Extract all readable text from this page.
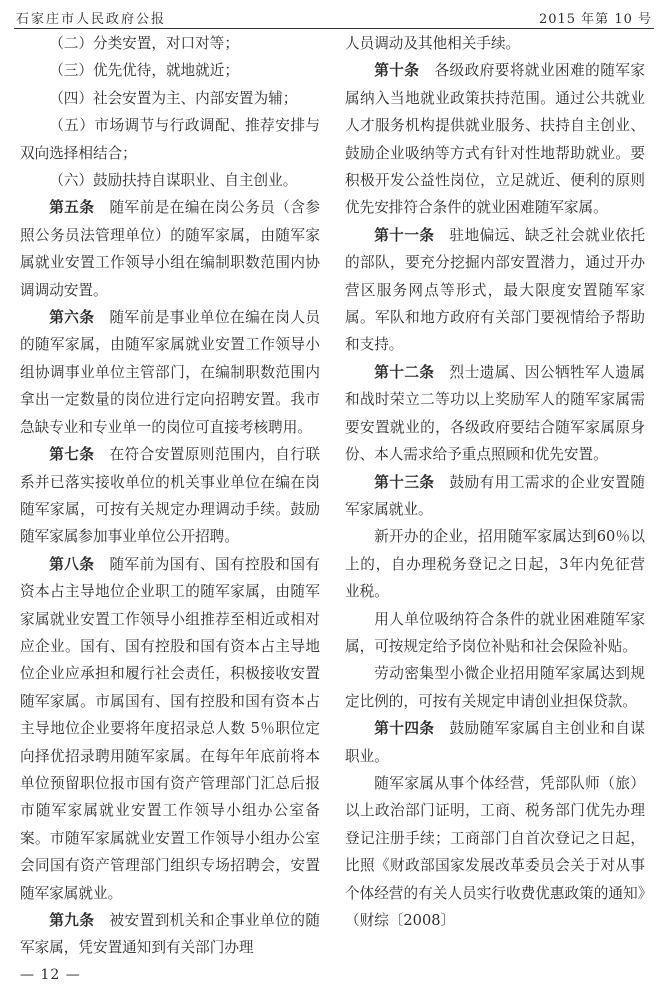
石家庄市人民政府公报	2015 年第 10 号

（二）分类安置，对口对等；

（三）优先优待，就地就近；

（四）社会安置为主、内部安置为辅；

（五）市场调节与行政调配、推荐安排与双向选择相结合；

（六）鼓励扶持自谋职业、自主创业。

第五条　 随军前是在编在岗公务员（含参照公务员法管理单位）的随军家属，由随军家属就业安置工作领导小组在编制职数范围内协调调动安置。

第六条　 随军前是事业单位在编在岗人员的随军家属，由随军家属就业安置工作领导小组协调事业单位主管部门，在编制职数范围内拿出一定数量的岗位进行定向招聘安置。我市急缺专业和专业单一的岗位可直接考核聘用。

第七条　 在符合安置原则范围内，自行联系并已落实接收单位的机关事业单位在编在岗随军家属，可按有关规定办理调动手续。鼓励随军家属参加事业单位公开招聘。

第八条　 随军前为国有、国有控股和国有资本占主导地位企业职工的随军家属，由随军家属就业安置工作领导小组推荐至相近或相对应企业。国有、国有控股和国有资本占主导地位企业应承担和履行社会责任，积极接收安置随军家属。市属国有、国有控股和国有资本占主导地位企业要将年度招录总人数 5％职位定向择优招录聘用随军家属。在每年年底前将本单位预留职位报市国有资产管理部门汇总后报市随军家属就业安置工作领导小组办公室备案。市随军家属就业安置工作领导小组办公室会同国有资产管理部门组织专场招聘会，安置随军家属就业。

第九条　 被安置到机关和企事业单位的随军家属，凭安置通知到有关部门办理

人员调动及其他相关手续。

第十条　 各级政府要将就业困难的随军家属纳入当地就业政策扶持范围。通过公共就业人才服务机构提供就业服务、扶持自主创业、鼓励企业吸纳等方式有针对性地帮助就业。要积极开发公益性岗位，立足就近、便利的原则优先安排符合条件的就业困难随军家属。

第十一条　 驻地偏远、缺乏社会就业依托的部队，要充分挖掘内部安置潜力，通过开办营区服务网点等形式，最大限度安置随军家属。军队和地方政府有关部门要视情给予帮助和支持。

第十二条　 烈士遗属、因公牺牲军人遗属和战时荣立二等功以上奖励军人的随军家属需要安置就业的，各级政府要结合随军家属原身份、本人需求给予重点照顾和优先安置。

第十三条　 鼓励有用工需求的企业安置随军家属就业。

新开办的企业，招用随军家属达到60％以上的，自办理税务登记之日起，3年内免征营业税。

用人单位吸纳符合条件的就业困难随军家属，可按规定给予岗位补贴和社会保险补贴。

劳动密集型小微企业招用随军家属达到规定比例的，可按有关规定申请创业担保贷款。

第十四条　 鼓励随军家属自主创业和自谋职业。

随军家属从事个体经营，凭部队师（旅）以上政治部门证明，工商、税务部门优先办理登记注册手续；工商部门自首次登记之日起，比照《财政部国家发展改革委员会关于对从事个体经营的有关人员实行收费优惠政策的通知》（财综〔2008〕

— 12 —
